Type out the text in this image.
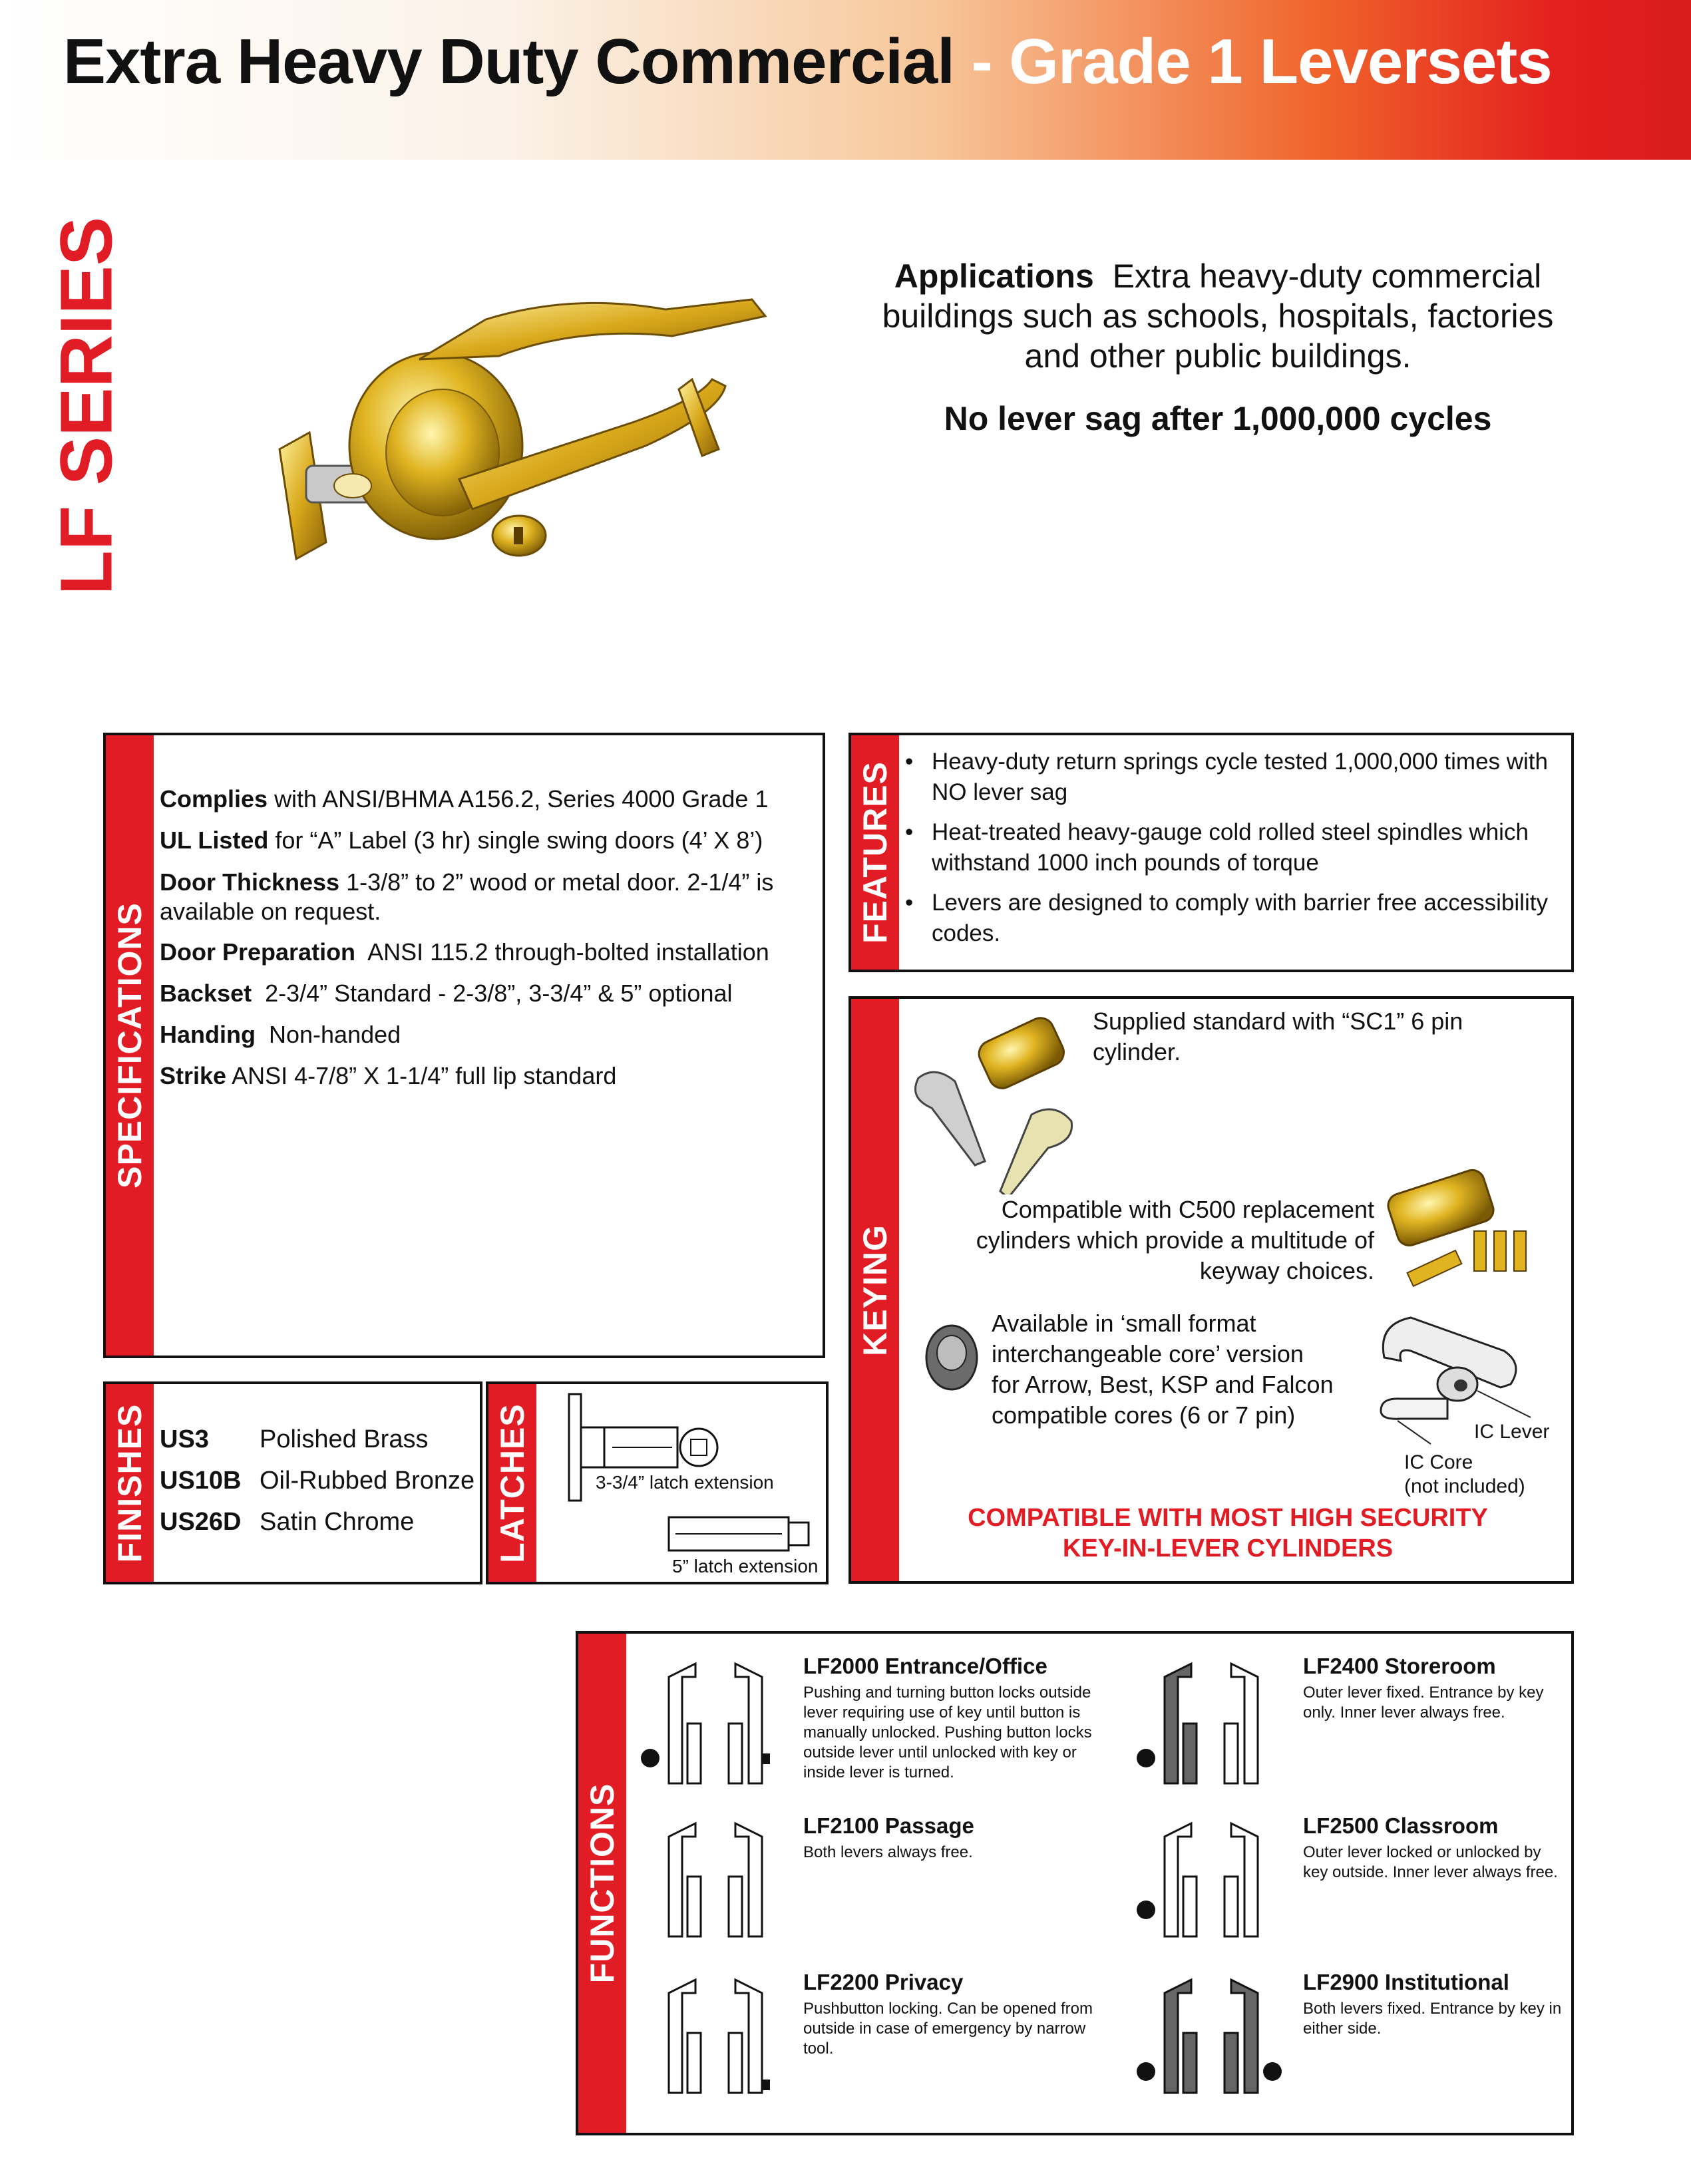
Extra Heavy Duty Commercial - Grade 1 Leversets
LF SERIES	Applications Extra heavy-duty commercial buildings such as schools, hospitals, factories and other public buildings.
No lever sag after 1,000,000 cycles
SPECIFICATIONS

Complies with ANSI/BHMA A156.2, Series 4000 Grade 1

UL Listed for “A” Label (3 hr) single swing doors (4’ X 8’)

Door Thickness 1-3/8” to 2” wood or metal door. 2-1/4” is available on request.

Door Preparation ANSI 115.2 through-bolted installation

Backset 2-3/4” Standard - 2-3/8”, 3-3/4” & 5” optional

Handing Non-handed

Strike ANSI 4-7/8” X 1-1/4” full lip standard

FEATURES
•	Heavy-duty return springs cycle tested 1,000,000 times with NO lever sag
• Heat-treated heavy-gauge cold rolled steel spindles which withstand 1000 inch pounds of torque
• Levers are designed to comply with barrier free accessibility codes.
KEYING
Supplied standard with “SC1” 6 pin cylinder.
Compatible with C500 replacement cylinders which provide a multitude of keyway choices.
Available in ‘small format interchangeable core’ version for Arrow, Best, KSP and Falcon compatible cores (6 or 7 pin)
IC Lever
IC Core
(not included)
COMPATIBLE WITH MOST HIGH SECURITY
KEY-IN-LEVER CYLINDERS
FINISHES US3 Polished Brass
US10B Oil-Rubbed Bronze
US26D Satin Chrome LATCHES	3-3/4” latch extension
5” latch extension
FUNCTIONS
LF2000 Entrance/Office
Pushing and turning button locks outside lever requiring use of key until button is manually unlocked. Pushing button locks outside lever until unlocked with key or inside lever is turned.
LF2100 Passage
Both levers always free.
LF2200 Privacy
Pushbutton locking. Can be opened from outside in case of emergency by narrow tool.
LF2400 Storeroom
Outer lever fixed. Entrance by key only. Inner lever always free.
LF2500 Classroom
Outer lever locked or unlocked by key outside. Inner lever always free.
LF2900 Institutional
Both levers fixed. Entrance by key in either side.
